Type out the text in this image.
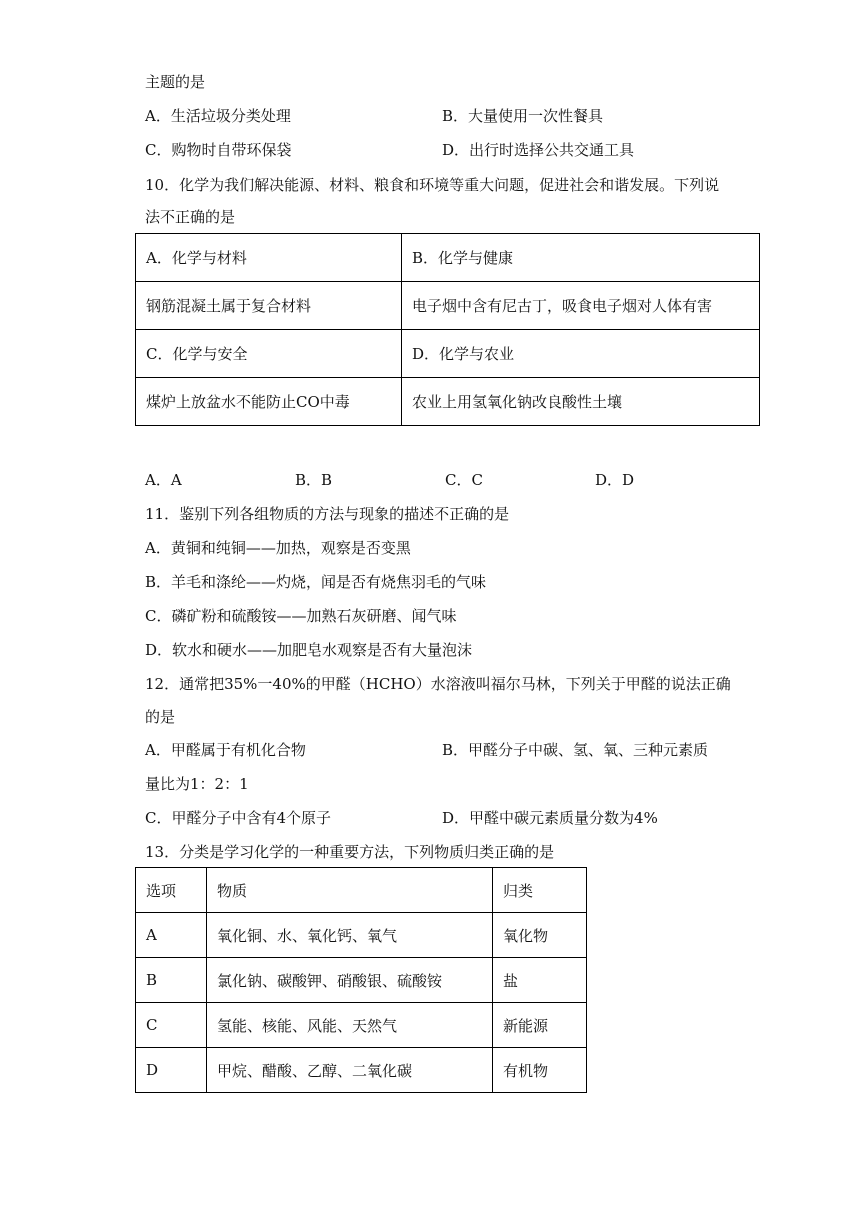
主题的是
A．生活垃圾分类处理	B．大量使用一次性餐具
C．购物时自带环保袋	D．出行时选择公共交通工具
10．化学为我们解决能源、材料、粮食和环境等重大问题，促进社会和谐发展。下列说
法不正确的是
A．化学与材料	B．化学与健康
钢筋混凝土属于复合材料	电子烟中含有尼古丁，吸食电子烟对人体有害
C．化学与安全	D．化学与农业
煤炉上放盆水不能防止CO中毒	农业上用氢氧化钠改良酸性土壤
A．A	B．B	C．C	D．D
11．鉴别下列各组物质的方法与现象的描述不正确的是
A．黄铜和纯铜——加热，观察是否变黑
B．羊毛和涤纶——灼烧，闻是否有烧焦羽毛的气味
C．磷矿粉和硫酸铵——加熟石灰研磨、闻气味
D．软水和硬水——加肥皂水观察是否有大量泡沫
12．通常把35%一40%的甲醛（HCHO）水溶液叫福尔马林，下列关于甲醛的说法正确
的是
A．甲醛属于有机化合物	B．甲醛分子中碳、氢、氧、三种元素质
量比为1：2：1
C．甲醛分子中含有4个原子	D．甲醛中碳元素质量分数为4%
13．分类是学习化学的一种重要方法，下列物质归类正确的是
选项	物质	归类
A	氧化铜、水、氧化钙、氧气	氧化物
B	氯化钠、碳酸钾、硝酸银、硫酸铵	盐
C	氢能、核能、风能、天然气	新能源
D	甲烷、醋酸、乙醇、二氧化碳	有机物
